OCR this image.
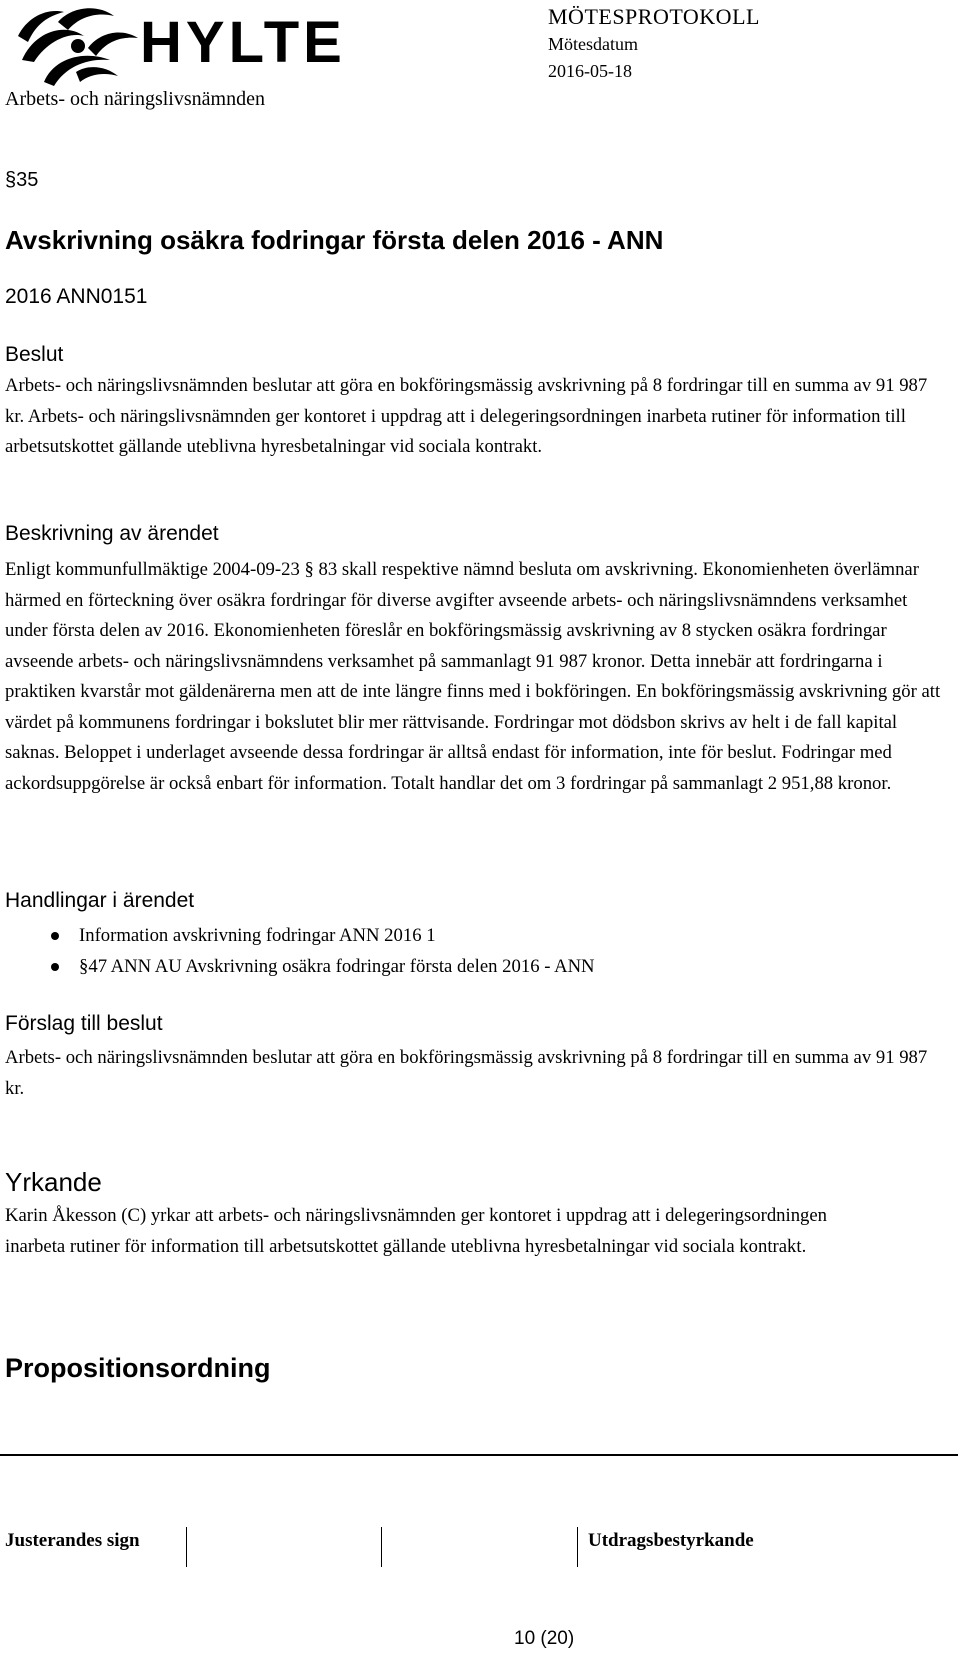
HYLTE
Arbets- och näringslivsnämnden
MÖTESPROTOKOLL
Mötesdatum
2016-05-18
§35
Avskrivning osäkra fodringar första delen 2016 - ANN
2016 ANN0151
Beslut
Arbets- och näringslivsnämnden beslutar att göra en bokföringsmässig avskrivning på 8 fordringar till en summa av 91 987 kr. Arbets- och näringslivsnämnden ger kontoret i uppdrag att i delegeringsordningen inarbeta rutiner för information till arbetsutskottet gällande uteblivna hyresbetalningar vid sociala kontrakt.
Beskrivning av ärendet
Enligt kommunfullmäktige 2004-09-23 § 83 skall respektive nämnd besluta om avskrivning. Ekonomienheten överlämnar härmed en förteckning över osäkra fordringar för diverse avgifter avseende arbets- och näringslivsnämndens verksamhet under första delen av 2016. Ekonomienheten föreslår en bokföringsmässig avskrivning av 8 stycken osäkra fordringar avseende arbets- och näringslivsnämndens verksamhet på sammanlagt 91 987 kronor. Detta innebär att fordringarna i praktiken kvarstår mot gäldenärerna men att de inte längre finns med i bokföringen. En bokföringsmässig avskrivning gör att värdet på kommunens fordringar i bokslutet blir mer rättvisande. Fordringar mot dödsbon skrivs av helt i de fall kapital saknas. Beloppet i underlaget avseende dessa fordringar är alltså endast för information, inte för beslut. Fodringar med ackordsuppgörelse är också enbart för information. Totalt handlar det om 3 fordringar på sammanlagt 2 951,88 kronor.
Handlingar i ärendet
Information avskrivning fodringar ANN 2016 1
§47 ANN AU Avskrivning osäkra fodringar första delen 2016 - ANN
Förslag till beslut
Arbets- och näringslivsnämnden beslutar att göra en bokföringsmässig avskrivning på 8 fordringar till en summa av 91 987 kr.
Yrkande
Karin Åkesson (C) yrkar att arbets- och näringslivsnämnden ger kontoret i uppdrag att i delegeringsordningen inarbeta rutiner för information till arbetsutskottet gällande uteblivna hyresbetalningar vid sociala kontrakt.
Propositionsordning
Justerandes sign	Utdragsbestyrkande
10 (20)
